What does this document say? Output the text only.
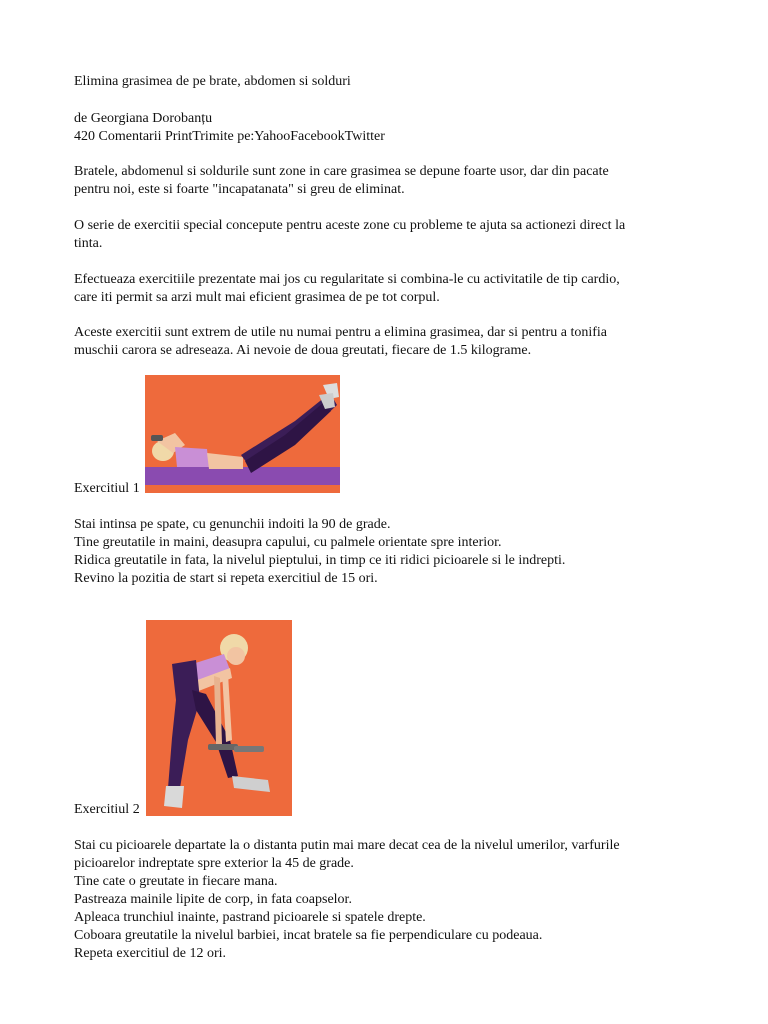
Elimina grasimea de pe brate, abdomen si solduri
de Georgiana Dorobanțu
420 Comentarii PrintTrimite pe:YahooFacebookTwitter
Bratele, abdomenul si soldurile sunt zone in care grasimea se depune foarte usor, dar din pacate
pentru noi, este si foarte "incapatanata" si greu de eliminat.
O serie de exercitii special concepute pentru aceste zone cu probleme te ajuta sa actionezi direct la
tinta.
Efectueaza exercitiile prezentate mai jos cu regularitate si combina-le cu activitatile de tip cardio,
care iti permit sa arzi mult mai eficient grasimea de pe tot corpul.
Aceste exercitii sunt extrem de utile nu numai pentru a elimina grasimea, dar si pentru a tonifia
muschii carora se adreseaza. Ai nevoie de doua greutati, fiecare de 1.5 kilograme.
Exercitiul 1
Stai intinsa pe spate, cu genunchii indoiti la 90 de grade.
Tine greutatile in maini, deasupra capului, cu palmele orientate spre interior.
Ridica greutatile in fata, la nivelul pieptului, in timp ce iti ridici picioarele si le indrepti.
Revino la pozitia de start si repeta exercitiul de 15 ori.
Exercitiul 2
Stai cu picioarele departate la o distanta putin mai mare decat cea de la nivelul umerilor, varfurile
picioarelor indreptate spre exterior la 45 de grade.
Tine cate o greutate in fiecare mana.
Pastreaza mainile lipite de corp, in fata coapselor.
Apleaca trunchiul inainte, pastrand picioarele si spatele drepte.
Coboara greutatile la nivelul barbiei, incat bratele sa fie perpendiculare cu podeaua.
Repeta exercitiul de 12 ori.
